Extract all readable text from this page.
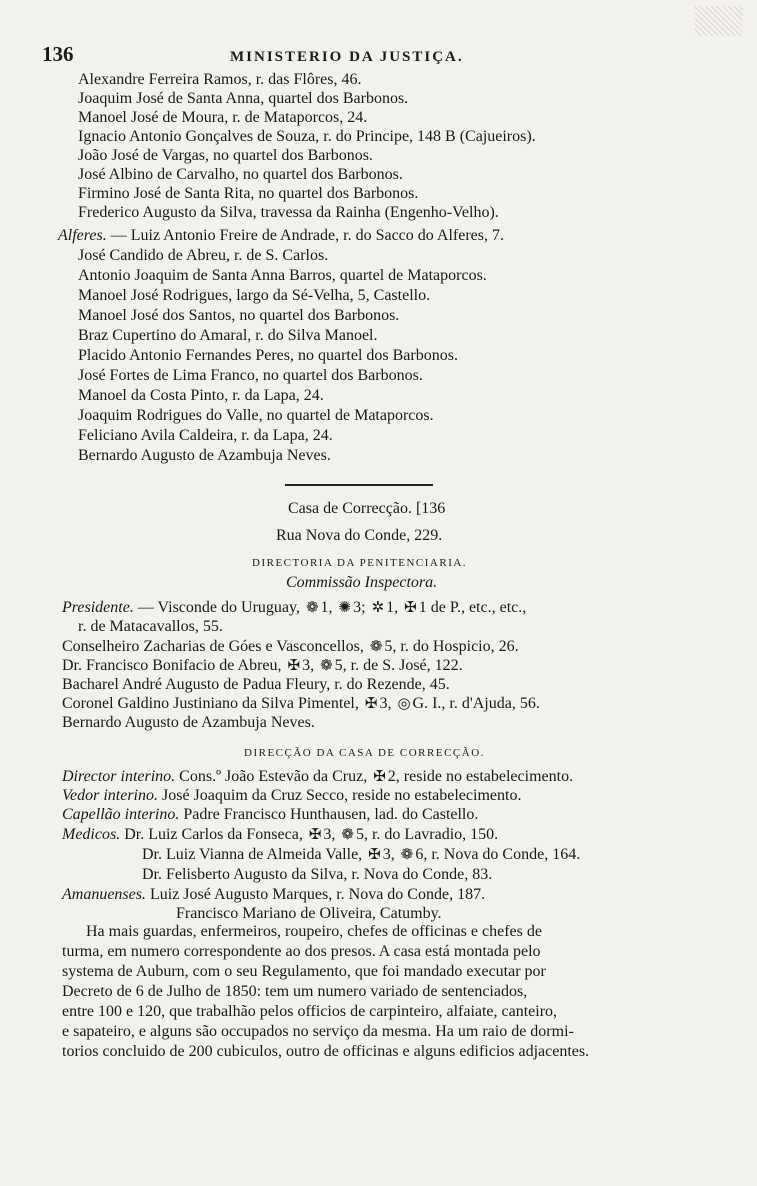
136	MINISTERIO DA JUSTIÇA.
Alexandre Ferreira Ramos, r. das Flôres, 46.
Joaquim José de Santa Anna, quartel dos Barbonos.
Manoel José de Moura, r. de Mataporcos, 24.
Ignacio Antonio Gonçalves de Souza, r. do Principe, 148 B (Cajueiros).
João José de Vargas, no quartel dos Barbonos.
José Albino de Carvalho, no quartel dos Barbonos.
Firmino José de Santa Rita, no quartel dos Barbonos.
Frederico Augusto da Silva, travessa da Rainha (Engenho-Velho).
Alferes. — Luiz Antonio Freire de Andrade, r. do Sacco do Alferes, 7.
José Candido de Abreu, r. de S. Carlos.
Antonio Joaquim de Santa Anna Barros, quartel de Mataporcos.
Manoel José Rodrigues, largo da Sé-Velha, 5, Castello.
Manoel José dos Santos, no quartel dos Barbonos.
Braz Cupertino do Amaral, r. do Silva Manoel.
Placido Antonio Fernandes Peres, no quartel dos Barbonos.
José Fortes de Lima Franco, no quartel dos Barbonos.
Manoel da Costa Pinto, r. da Lapa, 24.
Joaquim Rodrigues do Valle, no quartel de Mataporcos.
Feliciano Avila Caldeira, r. da Lapa, 24.
Bernardo Augusto de Azambuja Neves.
Casa de Correcção. [136
Rua Nova do Conde, 229.
DIRECTORIA DA PENITENCIARIA.
Commissão Inspectora.
Presidente. — Visconde do Uruguay, ❁ 1, ✺ 3; ✲ 1, ✠ 1 de P., etc., etc.,
r. de Matacavallos, 55.
Conselheiro Zacharias de Góes e Vasconcellos, ❁ 5, r. do Hospicio, 26.
Dr. Francisco Bonifacio de Abreu, ✠ 3, ❁ 5, r. de S. José, 122.
Bacharel André Augusto de Padua Fleury, r. do Rezende, 45.
Coronel Galdino Justiniano da Silva Pimentel, ✠ 3, ◎ G. I., r. d'Ajuda, 56.
Bernardo Augusto de Azambuja Neves.
DIRECÇÃO DA CASA DE CORRECÇÃO.
Director interino. Cons.º João Estevão da Cruz, ✠ 2, reside no estabelecimento.
Vedor interino. José Joaquim da Cruz Secco, reside no estabelecimento.
Capellão interino. Padre Francisco Hunthausen, lad. do Castello.
Medicos. Dr. Luiz Carlos da Fonseca, ✠ 3, ❁ 5, r. do Lavradio, 150.
Dr. Luiz Vianna de Almeida Valle, ✠ 3, ❁ 6, r. Nova do Conde, 164.
Dr. Felisberto Augusto da Silva, r. Nova do Conde, 83.
Amanuenses. Luiz José Augusto Marques, r. Nova do Conde, 187.
Francisco Mariano de Oliveira, Catumby.

Ha mais guardas, enfermeiros, roupeiro, chefes de officinas e chefes de

turma, em numero correspondente ao dos presos. A casa está montada pelo

systema de Auburn, com o seu Regulamento, que foi mandado executar por

Decreto de 6 de Julho de 1850: tem um numero variado de sentenciados,

entre 100 e 120, que trabalhão pelos officios de carpinteiro, alfaiate, canteiro,

e sapateiro, e alguns são occupados no serviço da mesma. Ha um raio de dormi-

torios concluido de 200 cubiculos, outro de officinas e alguns edificios adjacentes.
